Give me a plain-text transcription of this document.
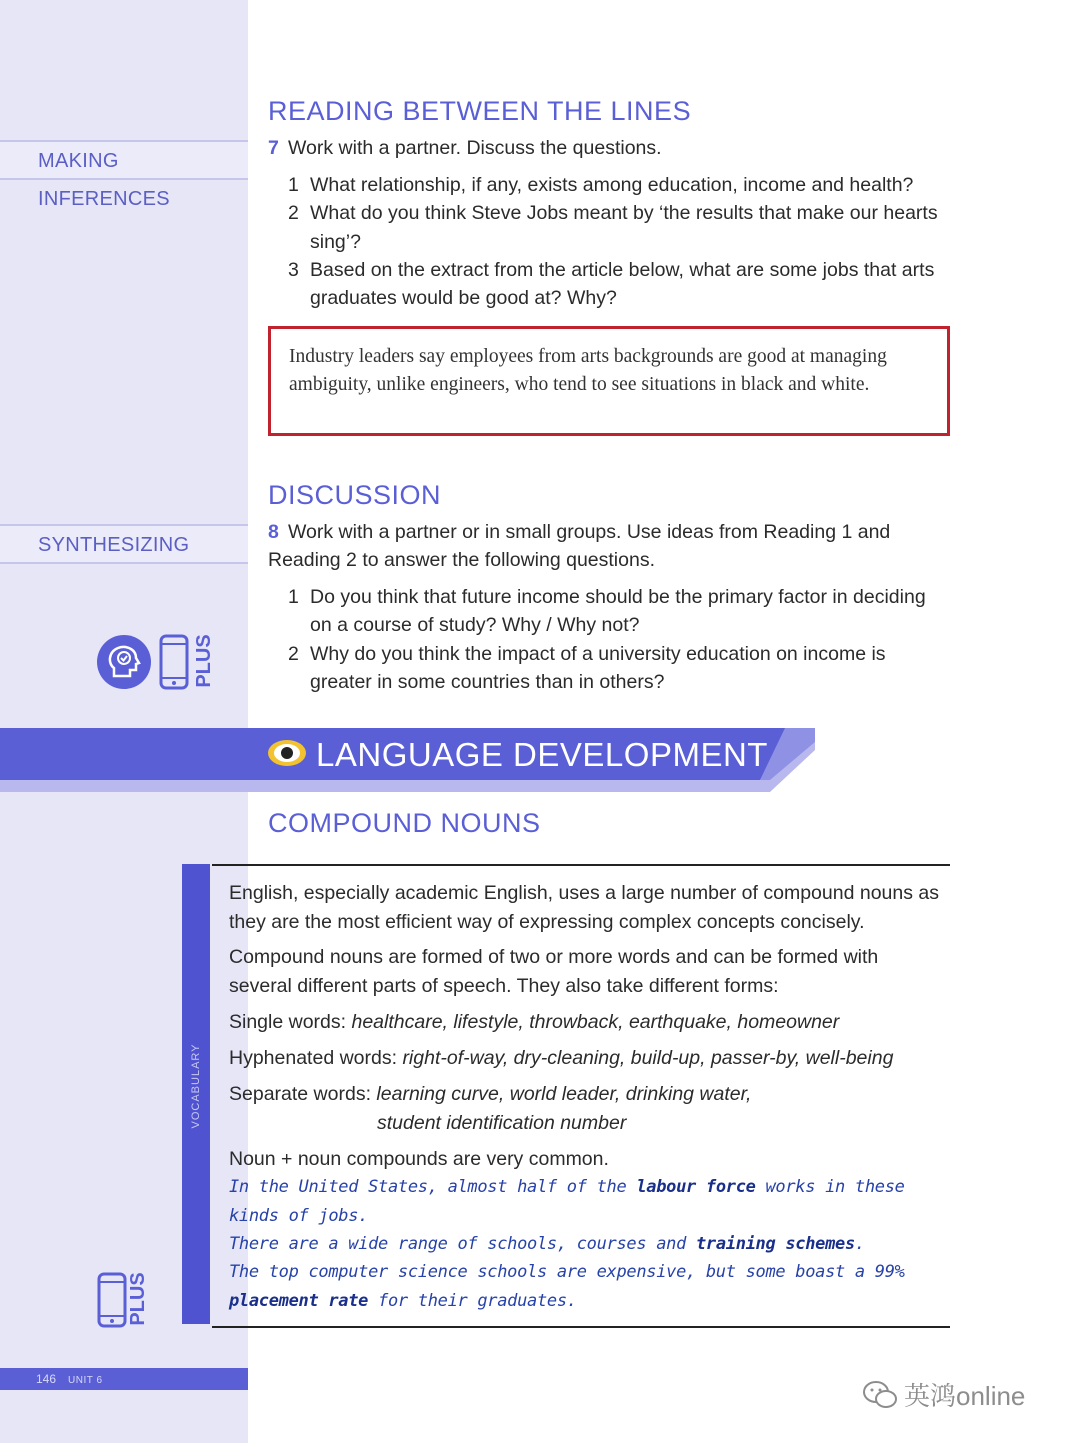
MAKING INFERENCES
SYNTHESIZING
PLUS
READING BETWEEN THE LINES
7 Work with a partner. Discuss the questions.
1 What relationship, if any, exists among education, income and health?
2 What do you think Steve Jobs meant by ‘the results that make our hearts sing’?
3 Based on the extract from the article below, what are some jobs that arts graduates would be good at? Why?
Industry leaders say employees from arts backgrounds are good at managing ambiguity, unlike engineers, who tend to see situations in black and white.
DISCUSSION
8 Work with a partner or in small groups. Use ideas from Reading 1 and Reading 2 to answer the following questions.
1 Do you think that future income should be the primary factor in deciding on a course of study? Why / Why not?
2 Why do you think the impact of a university education on income is greater in some countries than in others?
LANGUAGE DEVELOPMENT
COMPOUND NOUNS
VOCABULARY

English, especially academic English, uses a large number of compound nouns as they are the most efficient way of expressing complex concepts concisely.

Compound nouns are formed of two or more words and can be formed with several different parts of speech. They also take different forms:

Single words: healthcare, lifestyle, throwback, earthquake, homeowner

Hyphenated words: right-of-way, dry-cleaning, build-up, passer-by, well-being

Separate words: learning curve, world leader, drinking water,

student identification number

Noun + noun compounds are very common.

In the United States, almost half of the labour force works in these kinds of jobs.

There are a wide range of schools, courses and training schemes.

The top computer science schools are expensive, but some boast a 99% placement rate for their graduates.

PLUS
146 UNIT 6
英鸿online
